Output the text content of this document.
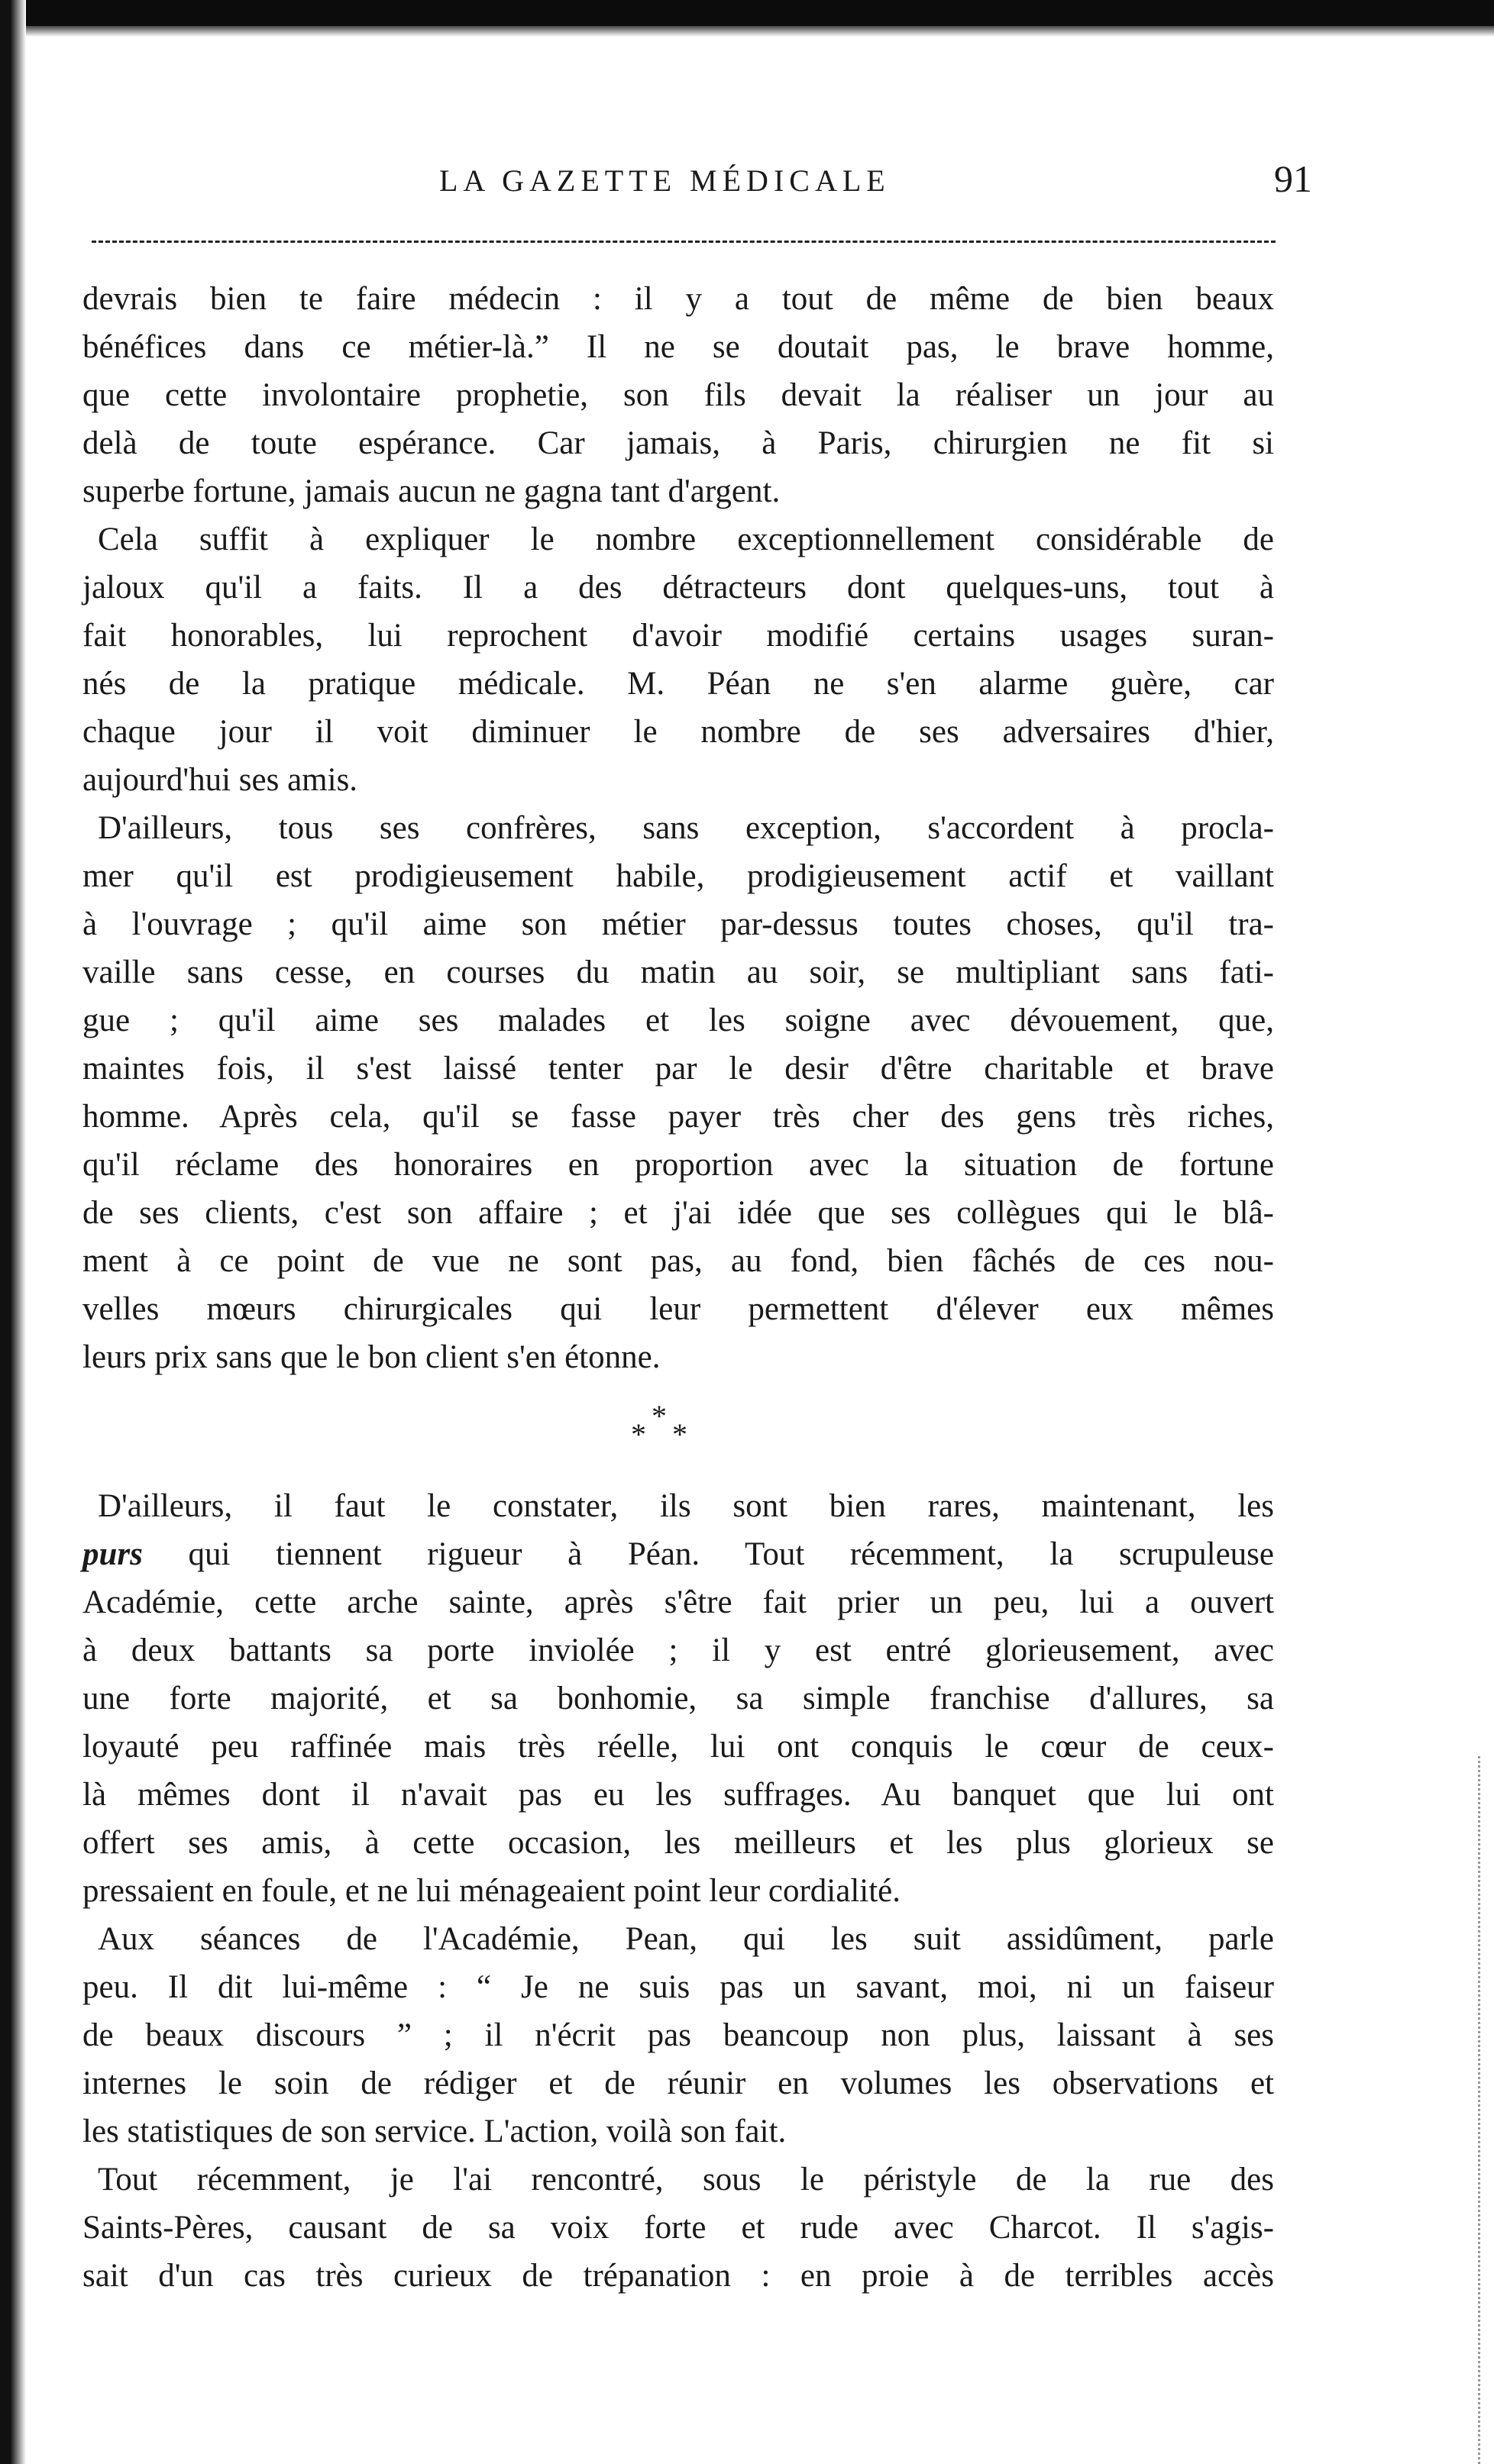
LA GAZETTE MÉDICALE	91
devrais bien te faire médecin : il y a tout de même de bien beaux
bénéfices dans ce métier-là.” Il ne se doutait pas, le brave homme,
que cette involontaire prophetie, son fils devait la réaliser un jour au
delà de toute espérance. Car jamais, à Paris, chirurgien ne fit si
superbe fortune, jamais aucun ne gagna tant d'argent.
Cela suffit à expliquer le nombre exceptionnellement considérable de
jaloux qu'il a faits. Il a des détracteurs dont quelques-uns, tout à
fait honorables, lui reprochent d'avoir modifié certains usages suran-
nés de la pratique médicale. M. Péan ne s'en alarme guère, car
chaque jour il voit diminuer le nombre de ses adversaires d'hier,
aujourd'hui ses amis.
D'ailleurs, tous ses confrères, sans exception, s'accordent à procla-
mer qu'il est prodigieusement habile, prodigieusement actif et vaillant
à l'ouvrage ; qu'il aime son métier par-dessus toutes choses, qu'il tra-
vaille sans cesse, en courses du matin au soir, se multipliant sans fati-
gue ; qu'il aime ses malades et les soigne avec dévouement, que,
maintes fois, il s'est laissé tenter par le desir d'être charitable et brave
homme. Après cela, qu'il se fasse payer très cher des gens très riches,
qu'il réclame des honoraires en proportion avec la situation de fortune
de ses clients, c'est son affaire ; et j'ai idée que ses collègues qui le blâ-
ment à ce point de vue ne sont pas, au fond, bien fâchés de ces nou-
velles mœurs chirurgicales qui leur permettent d'élever eux mêmes
leurs prix sans que le bon client s'en étonne.
*
* *
D'ailleurs, il faut le constater, ils sont bien rares, maintenant, les
purs qui tiennent rigueur à Péan. Tout récemment, la scrupuleuse
Académie, cette arche sainte, après s'être fait prier un peu, lui a ouvert
à deux battants sa porte inviolée ; il y est entré glorieusement, avec
une forte majorité, et sa bonhomie, sa simple franchise d'allures, sa
loyauté peu raffinée mais très réelle, lui ont conquis le cœur de ceux-
là mêmes dont il n'avait pas eu les suffrages. Au banquet que lui ont
offert ses amis, à cette occasion, les meilleurs et les plus glorieux se
pressaient en foule, et ne lui ménageaient point leur cordialité.
Aux séances de l'Académie, Pean, qui les suit assidûment, parle
peu. Il dit lui-même : “ Je ne suis pas un savant, moi, ni un faiseur
de beaux discours ” ; il n'écrit pas beancoup non plus, laissant à ses
internes le soin de rédiger et de réunir en volumes les observations et
les statistiques de son service. L'action, voilà son fait.
Tout récemment, je l'ai rencontré, sous le péristyle de la rue des
Saints-Pères, causant de sa voix forte et rude avec Charcot. Il s'agis-
sait d'un cas très curieux de trépanation : en proie à de terribles accès
